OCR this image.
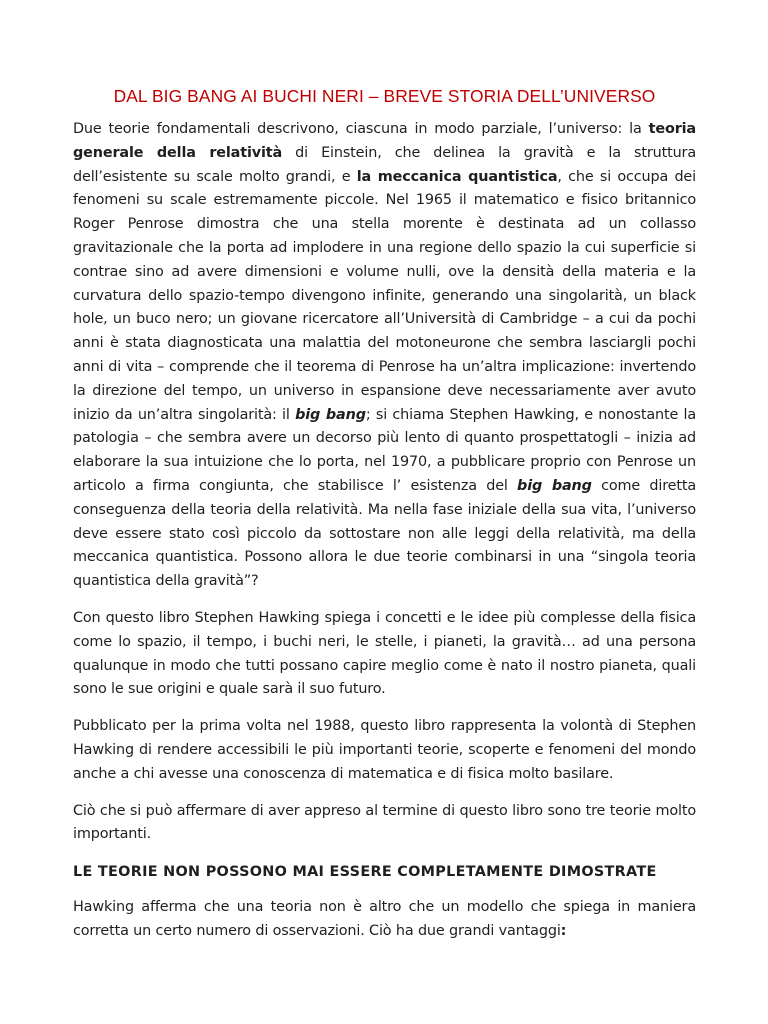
DAL BIG BANG AI BUCHI NERI – BREVE STORIA DELL’UNIVERSO

Due teorie fondamentali descrivono, ciascuna in modo parziale, l’universo: la teoria generale della relatività di Einstein, che delinea la gravità e la struttura dell’esistente su scale molto grandi, e la meccanica quantistica, che si occupa dei fenomeni su scale estremamente piccole. Nel 1965 il matematico e fisico britannico Roger Penrose dimostra che una stella morente è destinata ad un collasso gravitazionale che la porta ad implodere in una regione dello spazio la cui superficie si contrae sino ad avere dimensioni e volume nulli, ove la densità della materia e la curvatura dello spazio-tempo divengono infinite, generando una singolarità, un black hole, un buco nero; un giovane ricercatore all’Università di Cambridge – a cui da pochi anni è stata diagnosticata una malattia del motoneurone che sembra lasciargli pochi anni di vita – comprende che il teorema di Penrose ha un’altra implicazione: invertendo la direzione del tempo, un universo in espansione deve necessariamente aver avuto inizio da un’altra singolarità: il big bang; si chiama Stephen Hawking, e nonostante la patologia – che sembra avere un decorso più lento di quanto prospettatogli – inizia ad elaborare la sua intuizione che lo porta, nel 1970, a pubblicare proprio con Penrose un articolo a firma congiunta, che stabilisce l’ esistenza del big bang come diretta conseguenza della teoria della relatività. Ma nella fase iniziale della sua vita, l’universo deve essere stato così piccolo da sottostare non alle leggi della relatività, ma della meccanica quantistica. Possono allora le due teorie combinarsi in una “singola teoria quantistica della gravità”?

Con questo libro Stephen Hawking spiega i concetti e le idee più complesse della fisica come lo spazio, il tempo, i buchi neri, le stelle, i pianeti, la gravità… ad una persona qualunque in modo che tutti possano capire meglio come è nato il nostro pianeta, quali sono le sue origini e quale sarà il suo futuro.

Pubblicato per la prima volta nel 1988, questo libro rappresenta la volontà di Stephen Hawking di rendere accessibili le più importanti teorie, scoperte e fenomeni del mondo anche a chi avesse una conoscenza di matematica e di fisica molto basilare.

Ciò che si può affermare di aver appreso al termine di questo libro sono tre teorie molto importanti.

LE TEORIE NON POSSONO MAI ESSERE COMPLETAMENTE DIMOSTRATE

Hawking afferma che una teoria non è altro che un modello che spiega in maniera corretta un certo numero di osservazioni. Ciò ha due grandi vantaggi:
